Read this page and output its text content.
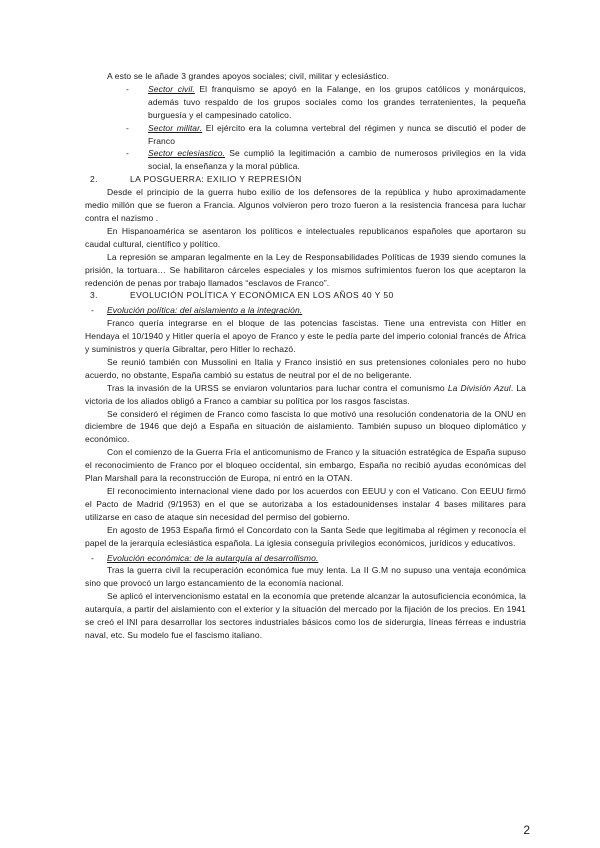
A esto se le añade 3 grandes apoyos sociales; civil, militar y eclesiástico.

- Sector civil. El franquismo se apoyó en la Falange, en los grupos católicos y monárquicos, además tuvo respaldo de los grupos sociales como los grandes terratenientes, la pequeña burguesía y el campesinado catolico.
- Sector militar. El ejército era la columna vertebral del régimen y nunca se discutió el poder de Franco
- Sector eclesiastico. Se cumplió la legitimación a cambio de numerosos privilegios en la vida social, la enseñanza y la moral pública.
2.	LA POSGUERRA: EXILIO Y REPRESIÓN

Desde el principio de la guerra hubo exilio de los defensores de la república y hubo aproximadamente medio millón que se fueron a Francia. Algunos volvieron pero trozo fueron a la resistencia francesa para luchar contra el nazismo .

En Hispanoamérica se asentaron los políticos e intelectuales republicanos españoles que aportaron su caudal cultural, científico y político.

La represión se amparan legalmente en la Ley de Responsabilidades Políticas de 1939 siendo comunes la prisión, la tortuara… Se habilitaron cárceles especiales y los mismos sufrimientos fueron los que aceptaron la redención de penas por trabajo llamados “esclavos de Franco”.

3.	EVOLUCIÓN POLÍTICA Y ECONÓMICA EN LOS AÑOS 40 Y 50
- Evolución política: del aislamiento a la integración.

Franco quería integrarse en el bloque de las potencias fascistas. Tiene una entrevista con Hitler en Hendaya el 10/1940 y Hitler quería el apoyo de Franco y este le pedía parte del imperio colonial francés de África y suministros y quería Gibraltar, pero Hitler lo rechazó.

Se reunió también con Mussolini en Italia y Franco insistió en sus pretensiones coloniales pero no hubo acuerdo, no obstante, España cambió su estatus de neutral por el de no beligerante.

Tras la invasión de la URSS se enviaron voluntarios para luchar contra el comunismo La División Azul. La victoria de los aliados obligó a Franco a cambiar su política por los rasgos fascistas.

Se consideró el régimen de Franco como fascista lo que motivó una resolución condenatoria de la ONU en diciembre de 1946 que dejó a España en situación de aislamiento. También supuso un bloqueo diplomático y económico.

Con el comienzo de la Guerra Fría el anticomunismo de Franco y la situación estratégica de España supuso el reconocimiento de Franco por el bloqueo occidental, sin embargo, España no recibió ayudas económicas del Plan Marshall para la reconstrucción de Europa, ni entró en la OTAN.

El reconocimiento internacional viene dado por los acuerdos con EEUU y con el Vaticano. Con EEUU firmó el Pacto de Madrid (9/1953) en el que se autorizaba a los estadounidenses instalar 4 bases militares para utilizarse en caso de ataque sin necesidad del permiso del gobierno.

En agosto de 1953 España firmó el Concordato con la Santa Sede que legitimaba al régimen y reconocía el papel de la jerarquía eclesiástica española. La iglesia conseguía privilegios económicos, jurídicos y educativos.

- Evolución económica: de la autarquía al desarrollismo.

Tras la guerra civil la recuperación económica fue muy lenta. La II G.M no supuso una ventaja económica sino que provocó un largo estancamiento de la economía nacional.

Se aplicó el intervencionismo estatal en la economía que pretende alcanzar la autosuficiencia económica, la autarquía, a partir del aislamiento con el exterior y la situación del mercado por la fijación de los precios. En 1941 se creó el INI para desarrollar los sectores industriales básicos como los de siderurgia, líneas férreas e industria naval, etc. Su modelo fue el fascismo italiano.

2
